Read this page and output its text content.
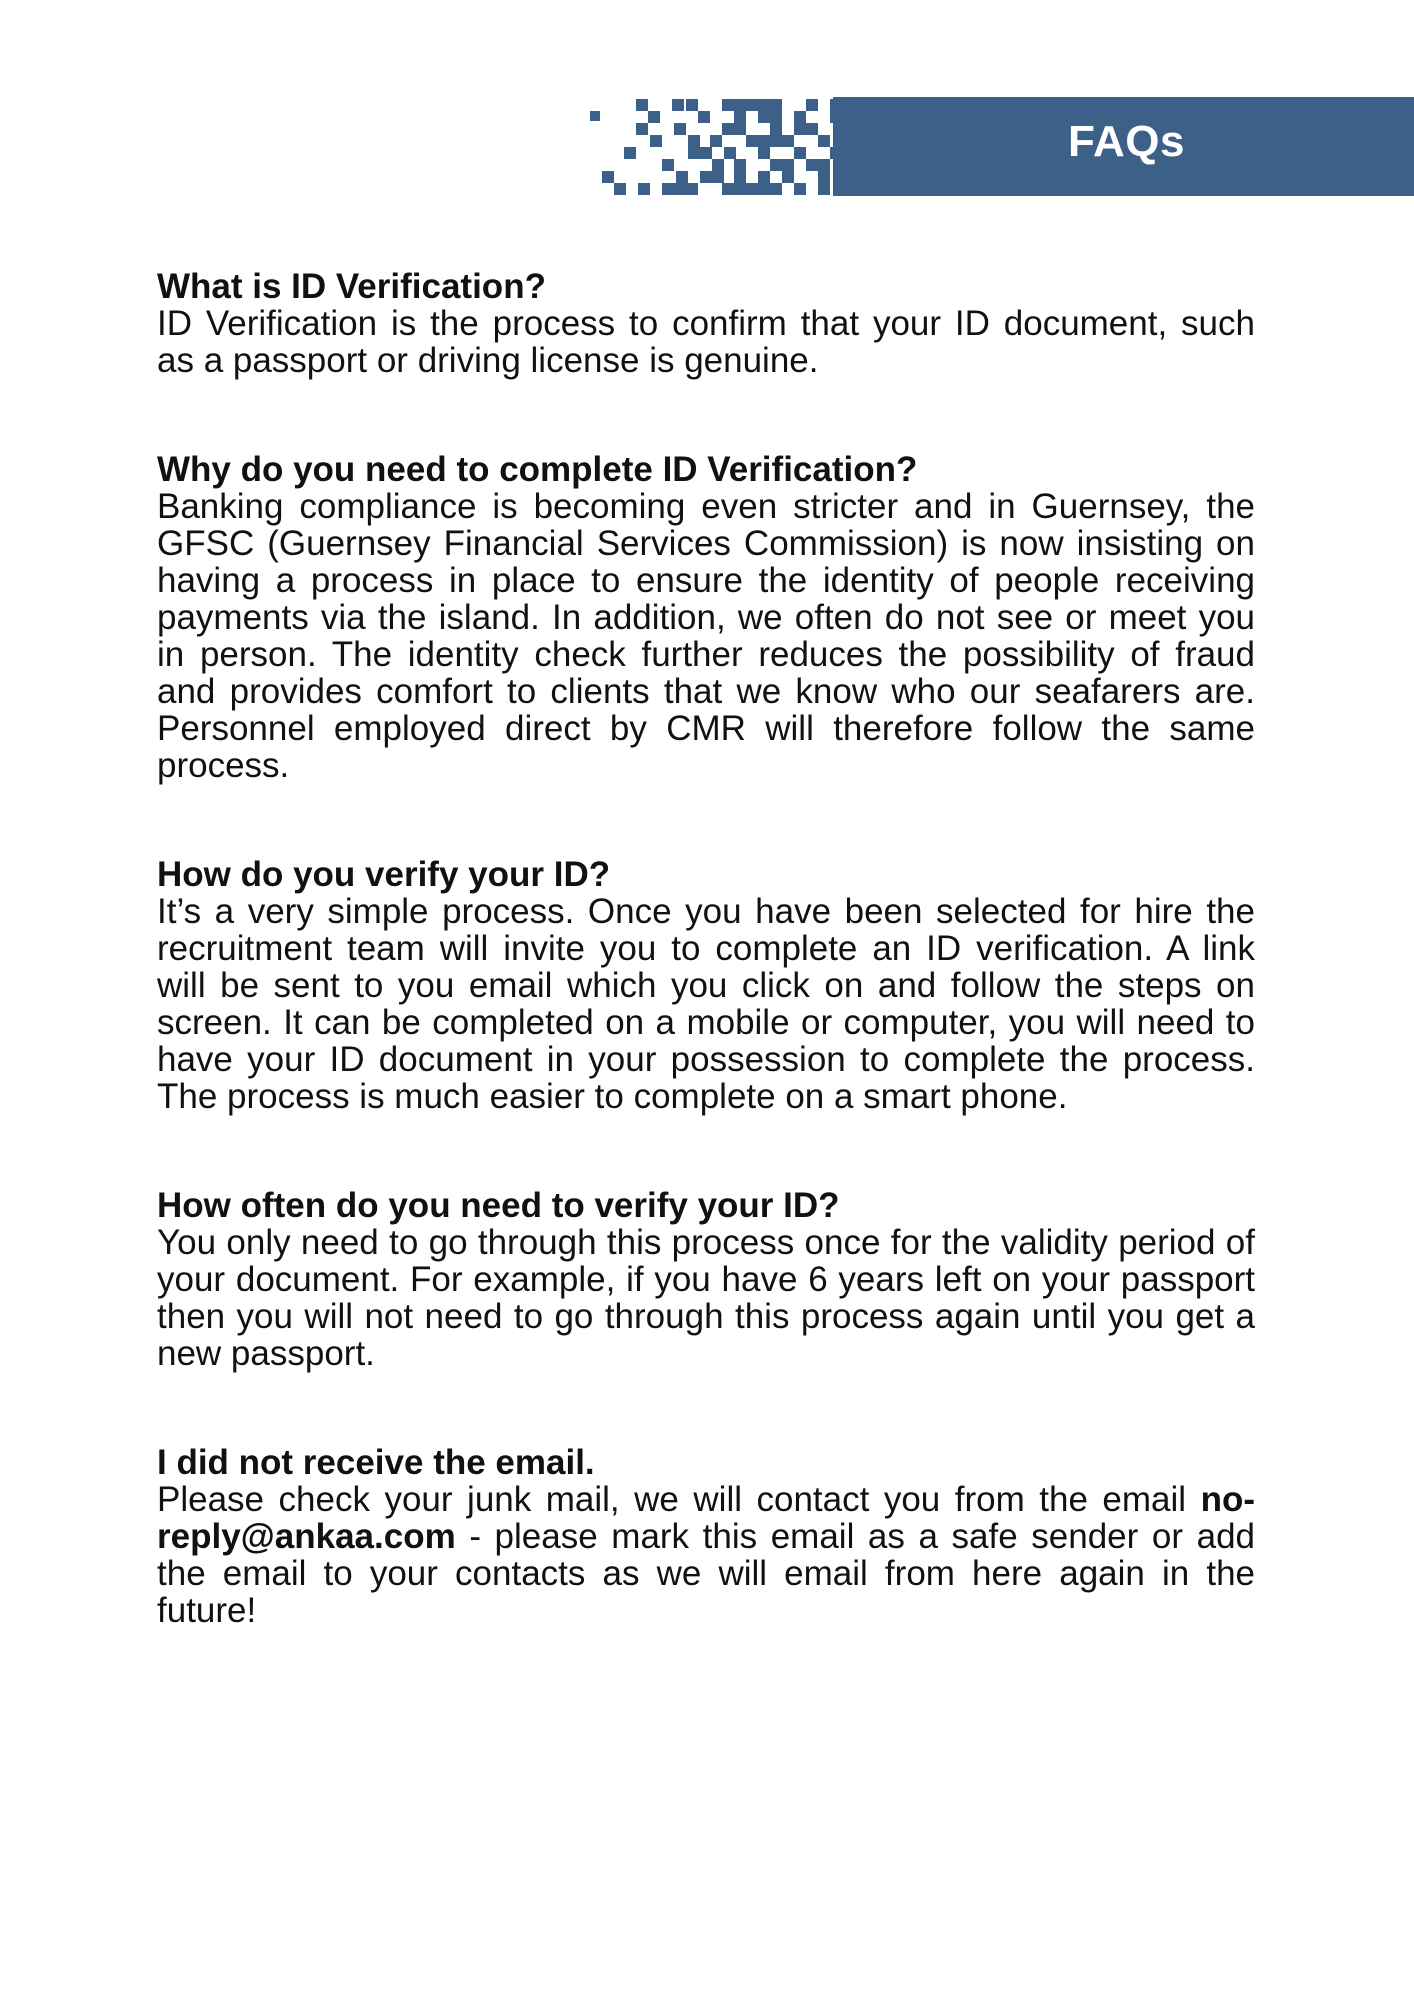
FAQs

What is ID Verification?

ID Verification is the process to confirm that your ID document, such as a passport or driving license is genuine.

Why do you need to complete ID Verification?

Banking compliance is becoming even stricter and in Guernsey, the GFSC (Guernsey Financial Services Commission) is now insisting on having a process in place to ensure the identity of people receiving payments via the island. In addition, we often do not see or meet you in person. The identity check further reduces the possibility of fraud and provides comfort to clients that we know who our seafarers are. Personnel employed direct by CMR will therefore follow the same process.

How do you verify your ID?

It’s a very simple process. Once you have been selected for hire the recruitment team will invite you to complete an ID verification. A link will be sent to you email which you click on and follow the steps on screen. It can be completed on a mobile or computer, you will need to have your ID document in your possession to complete the process. The process is much easier to complete on a smart phone.

How often do you need to verify your ID?

You only need to go through this process once for the validity period of your document. For example, if you have 6 years left on your passport then you will not need to go through this process again until you get a new passport.

I did not receive the email.

Please check your junk mail, we will contact you from the email no-reply@ankaa.com - please mark this email as a safe sender or add the email to your contacts as we will email from here again in the future!
